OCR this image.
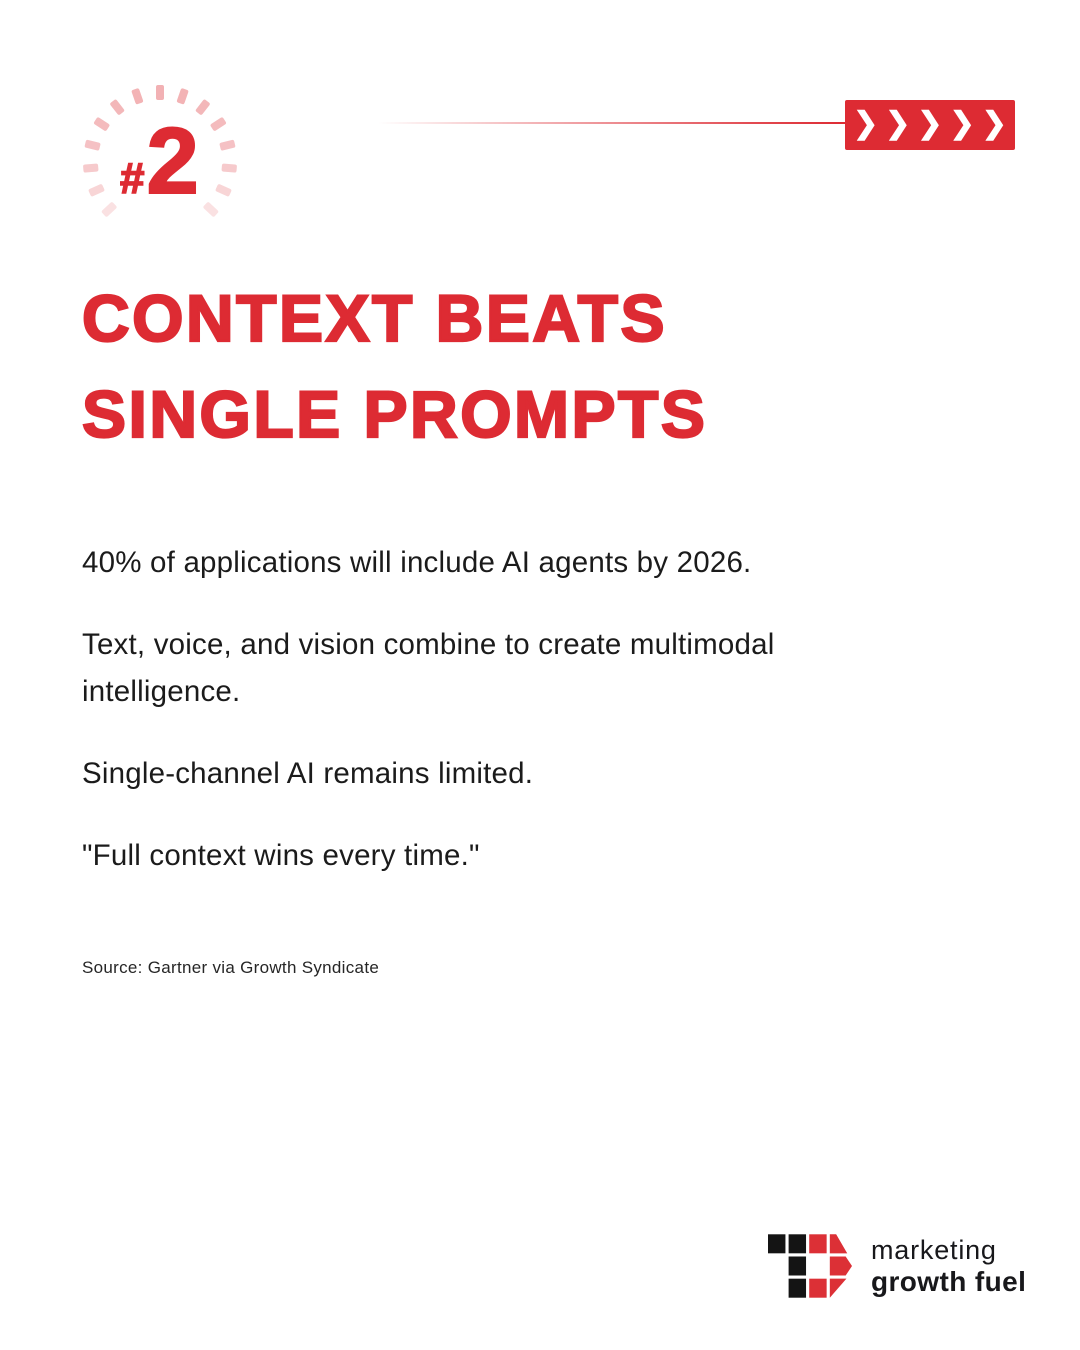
# 2	❯❯❯❯❯
CONTEXT BEATS
SINGLE PROMPTS

40% of applications will include AI agents by 2026.

Text, voice, and vision combine to create multimodal
intelligence.

Single-channel AI remains limited.

"Full context wins every time."

Source: Gartner via Growth Syndicate
marketing
growth fuel
